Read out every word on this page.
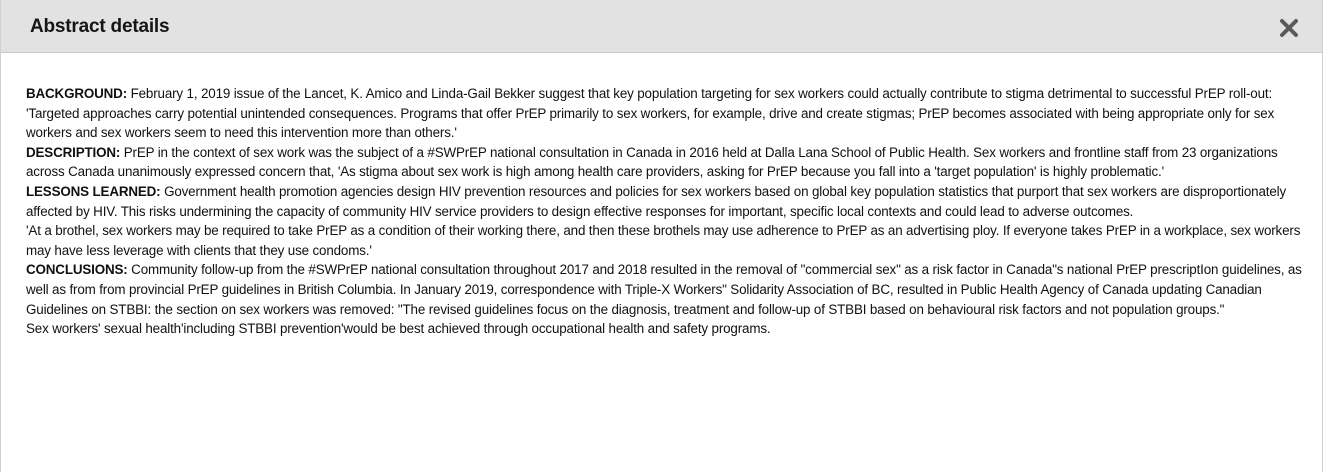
Abstract details

BACKGROUND: February 1, 2019 issue of the Lancet, K. Amico and Linda-Gail Bekker suggest that key population targeting for sex workers could actually contribute to stigma detrimental to successful PrEP roll-out:

'Targeted approaches carry potential unintended consequences. Programs that offer PrEP primarily to sex workers, for example, drive and create stigmas; PrEP becomes associated with being appropriate only for sex workers and sex workers seem to need this intervention more than others.'

DESCRIPTION: PrEP in the context of sex work was the subject of a #SWPrEP national consultation in Canada in 2016 held at Dalla Lana School of Public Health. Sex workers and frontline staff from 23 organizations across Canada unanimously expressed concern that, 'As stigma about sex work is high among health care providers, asking for PrEP because you fall into a 'target population' is highly problematic.'

LESSONS LEARNED: Government health promotion agencies design HIV prevention resources and policies for sex workers based on global key population statistics that purport that sex workers are disproportionately affected by HIV. This risks undermining the capacity of community HIV service providers to design effective responses for important, specific local contexts and could lead to adverse outcomes.

'At a brothel, sex workers may be required to take PrEP as a condition of their working there, and then these brothels may use adherence to PrEP as an advertising ploy. If everyone takes PrEP in a workplace, sex workers may have less leverage with clients that they use condoms.'

CONCLUSIONS: Community follow-up from the #SWPrEP national consultation throughout 2017 and 2018 resulted in the removal of "commercial sex" as a risk factor in Canada"s national PrEP prescriptIon guidelines, as well as from from provincial PrEP guidelines in British Columbia. In January 2019, correspondence with Triple-X Workers" Solidarity Association of BC, resulted in Public Health Agency of Canada updating Canadian Guidelines on STBBI: the section on sex workers was removed: "The revised guidelines focus on the diagnosis, treatment and follow-up of STBBI based on behavioural risk factors and not population groups."

Sex workers' sexual health'including STBBI prevention'would be best achieved through occupational health and safety programs.
